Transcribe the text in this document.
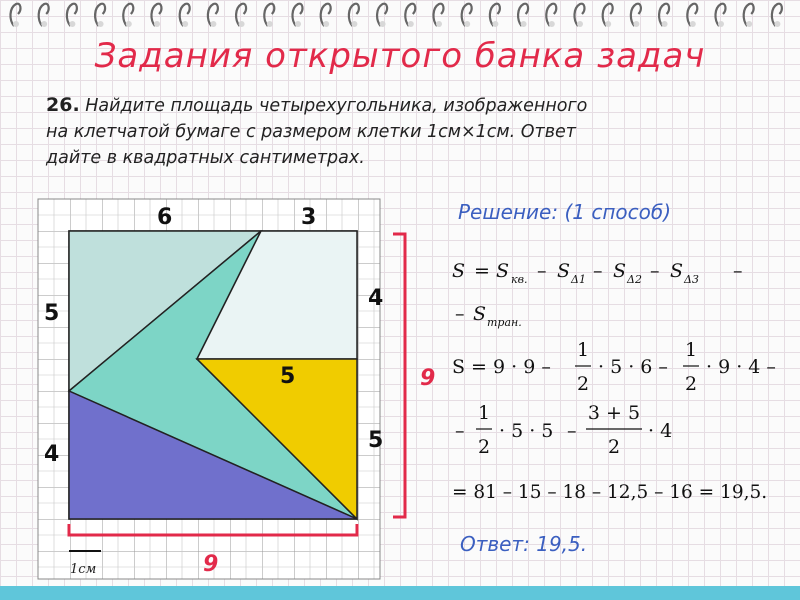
Задания открытого банка задач
26. Найдите площадь четырехугольника, изображенного
на клетчатой бумаге с размером клетки 1см×1см. Ответ
дайте в квадратных сантиметрах.
6	3
5
4
4
5
5	9
9
1см
Решение: (1 способ)
S = S кв. – S Δ1 – S Δ2 – S Δ3 –
– S тран.
S = 9 · 9 –
1
2
· 5 · 6 –
1
2
· 9 · 4 –
–
1
2
· 5 · 5 –
3 + 5
2
· 4
= 81 – 15 – 18 – 12,5 – 16 = 19,5.
Ответ: 19,5.
